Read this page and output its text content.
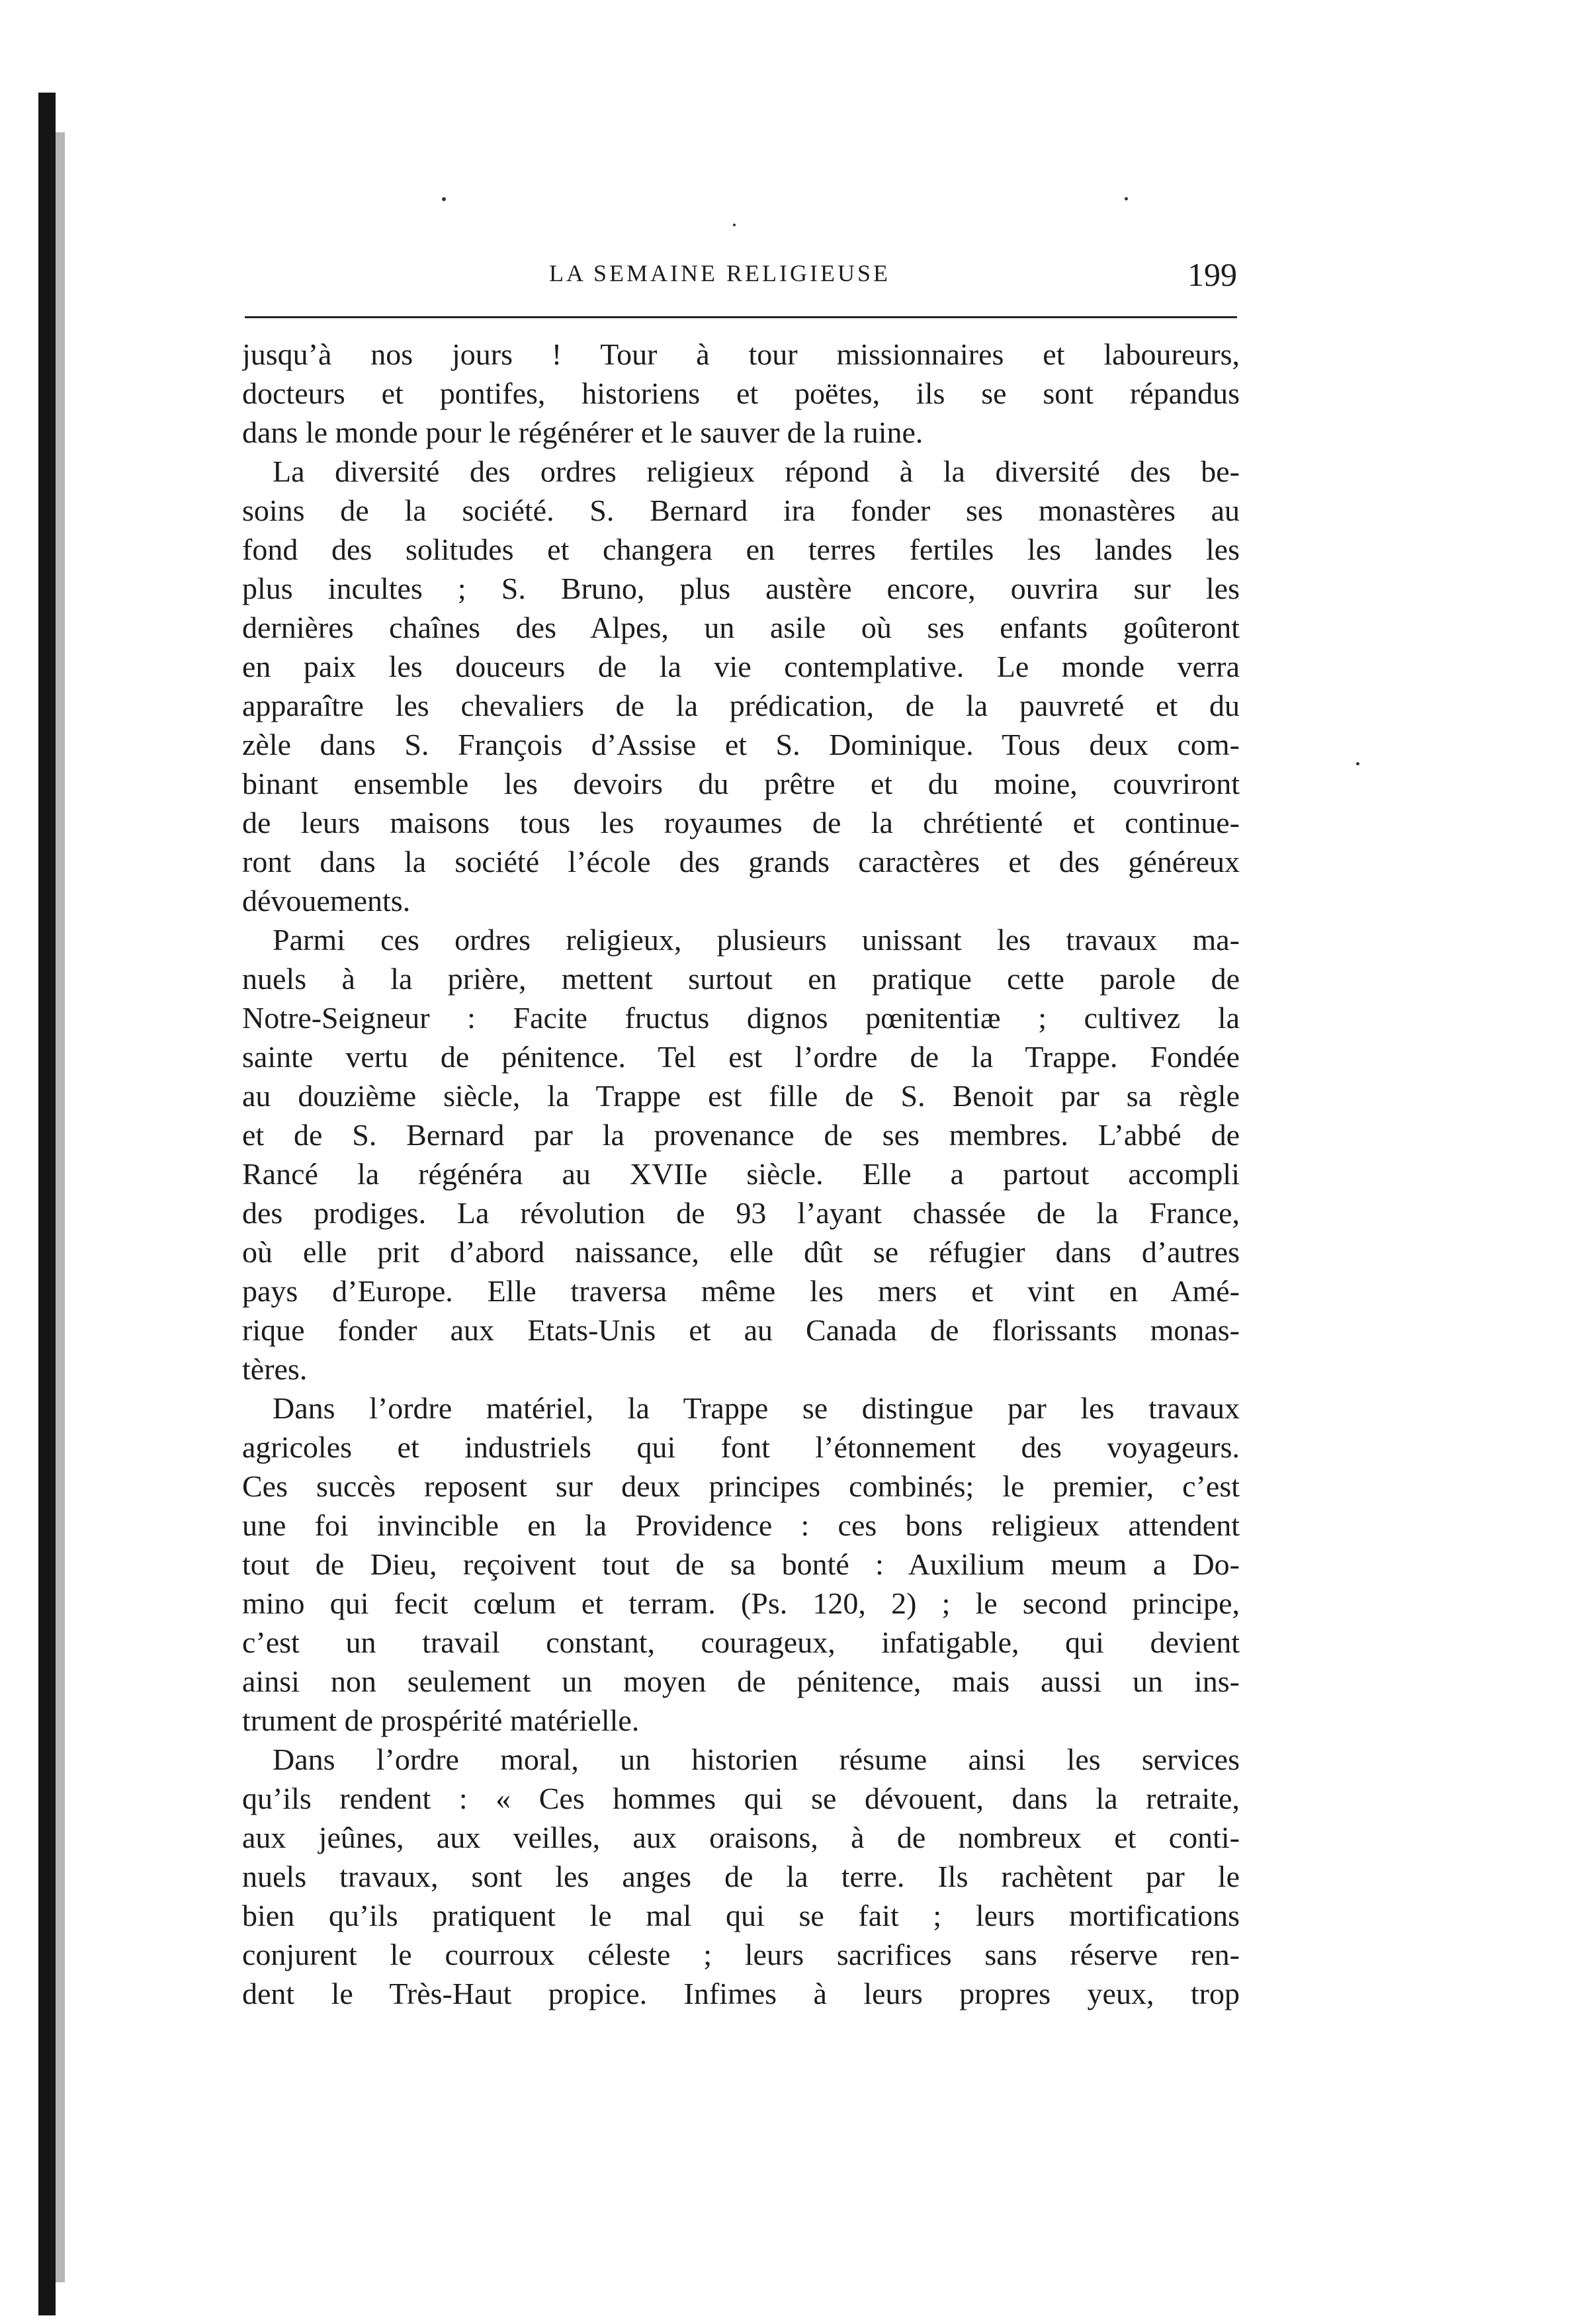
LA SEMAINE RELIGIEUSE	199
jusqu’à nos jours ! Tour à tour missionnaires et laboureurs,
docteurs et pontifes, historiens et poëtes, ils se sont répandus
dans le monde pour le régénérer et le sauver de la ruine.
La diversité des ordres religieux répond à la diversité des be-
soins de la société. S. Bernard ira fonder ses monastères au
fond des solitudes et changera en terres fertiles les landes les
plus incultes ; S. Bruno, plus austère encore, ouvrira sur les
dernières chaînes des Alpes, un asile où ses enfants goûteront
en paix les douceurs de la vie contemplative. Le monde verra
apparaître les chevaliers de la prédication, de la pauvreté et du
zèle dans S. François d’Assise et S. Dominique. Tous deux com-
binant ensemble les devoirs du prêtre et du moine, couvriront
de leurs maisons tous les royaumes de la chrétienté et continue-
ront dans la société l’école des grands caractères et des généreux
dévouements.
Parmi ces ordres religieux, plusieurs unissant les travaux ma-
nuels à la prière, mettent surtout en pratique cette parole de
Notre-Seigneur : Facite fructus dignos pœnitentiæ ; cultivez la
sainte vertu de pénitence. Tel est l’ordre de la Trappe. Fondée
au douzième siècle, la Trappe est fille de S. Benoit par sa règle
et de S. Bernard par la provenance de ses membres. L’abbé de
Rancé la régénéra au XVIIe siècle. Elle a partout accompli
des prodiges. La révolution de 93 l’ayant chassée de la France,
où elle prit d’abord naissance, elle dût se réfugier dans d’autres
pays d’Europe. Elle traversa même les mers et vint en Amé-
rique fonder aux Etats-Unis et au Canada de florissants monas-
tères.
Dans l’ordre matériel, la Trappe se distingue par les travaux
agricoles et industriels qui font l’étonnement des voyageurs.
Ces succès reposent sur deux principes combinés; le premier, c’est
une foi invincible en la Providence : ces bons religieux attendent
tout de Dieu, reçoivent tout de sa bonté : Auxilium meum a Do-
mino qui fecit cœlum et terram. (Ps. 120, 2) ; le second principe,
c’est un travail constant, courageux, infatigable, qui devient
ainsi non seulement un moyen de pénitence, mais aussi un ins-
trument de prospérité matérielle.
Dans l’ordre moral, un historien résume ainsi les services
qu’ils rendent : « Ces hommes qui se dévouent, dans la retraite,
aux jeûnes, aux veilles, aux oraisons, à de nombreux et conti-
nuels travaux, sont les anges de la terre. Ils rachètent par le
bien qu’ils pratiquent le mal qui se fait ; leurs mortifications
conjurent le courroux céleste ; leurs sacrifices sans réserve ren-
dent le Très-Haut propice. Infimes à leurs propres yeux, trop
